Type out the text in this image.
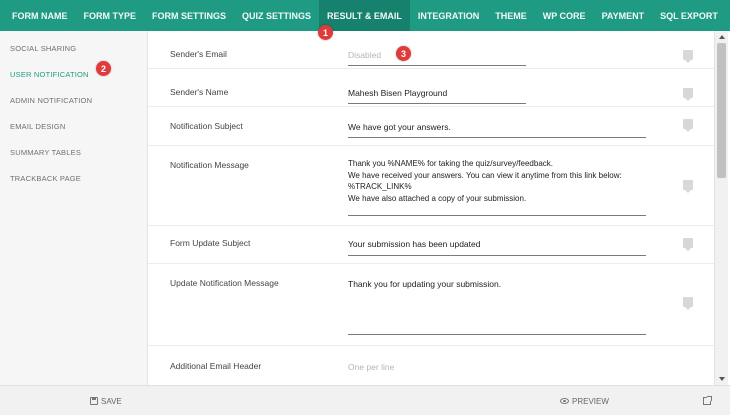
FORM NAME	FORM TYPE	FORM SETTINGS	QUIZ SETTINGS	RESULT & EMAIL	INTEGRATION	THEME	WP CORE	PAYMENT	SQL EXPORT
SOCIAL SHARING
USER NOTIFICATION
ADMIN NOTIFICATION
EMAIL DESIGN
SUMMARY TABLES
TRACKBACK PAGE
Sender's Email	Disabled
Sender's Name	Mahesh Bisen Playground
Notification Subject	We have got your answers.
Notification Message	Thank you %NAME% for taking the quiz/survey/feedback.
We have received your answers. You can view it anytime from this link below:
%TRACK_LINK%
We have also attached a copy of your submission.
Form Update Subject	Your submission has been updated
Update Notification Message	Thank you for updating your submission.
Additional Email Header	One per line
SAVE	PREVIEW
1
2
3
